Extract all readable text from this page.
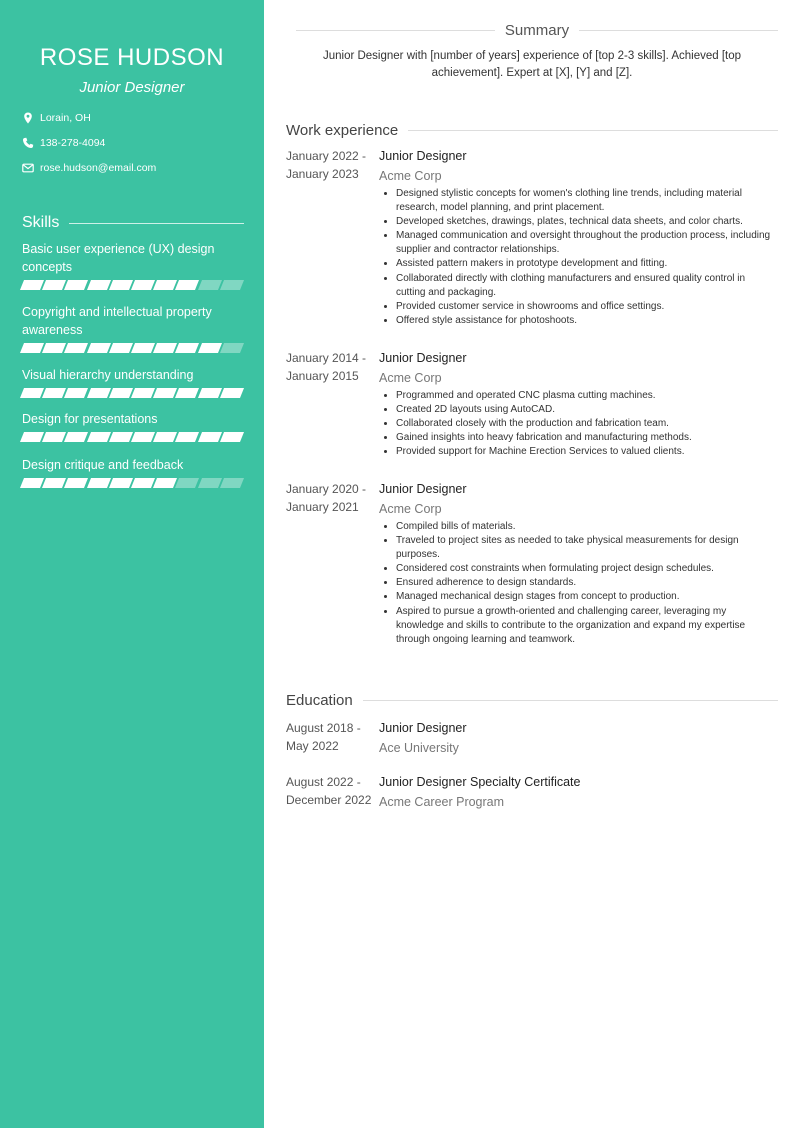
ROSE HUDSON
Junior Designer
Lorain, OH
138-278-4094
rose.hudson@email.com
Skills
Basic user experience (UX) design concepts
Copyright and intellectual property awareness
Visual hierarchy understanding
Design for presentations
Design critique and feedback
Summary
Junior Designer with [number of years] experience of [top 2-3 skills]. Achieved [top achievement]. Expert at [X], [Y] and [Z].
Work experience
January 2022 -
January 2023
Junior Designer
Acme Corp
• Designed stylistic concepts for women's clothing line trends, including material research, model planning, and print placement.
• Developed sketches, drawings, plates, technical data sheets, and color charts.
• Managed communication and oversight throughout the production process, including supplier and contractor relationships.
• Assisted pattern makers in prototype development and fitting.
• Collaborated directly with clothing manufacturers and ensured quality control in cutting and packaging.
• Provided customer service in showrooms and office settings.
• Offered style assistance for photoshoots.
January 2014 -
January 2015
Junior Designer
Acme Corp
• Programmed and operated CNC plasma cutting machines.
• Created 2D layouts using AutoCAD.
• Collaborated closely with the production and fabrication team.
• Gained insights into heavy fabrication and manufacturing methods.
• Provided support for Machine Erection Services to valued clients.
January 2020 -
January 2021
Junior Designer
Acme Corp
• Compiled bills of materials.
• Traveled to project sites as needed to take physical measurements for design purposes.
• Considered cost constraints when formulating project design schedules.
• Ensured adherence to design standards.
• Managed mechanical design stages from concept to production.
• Aspired to pursue a growth-oriented and challenging career, leveraging my knowledge and skills to contribute to the organization and expand my expertise through ongoing learning and teamwork.
Education
August 2018 -
May 2022
Junior Designer
Ace University
August 2022 -
December 2022
Junior Designer Specialty Certificate
Acme Career Program
